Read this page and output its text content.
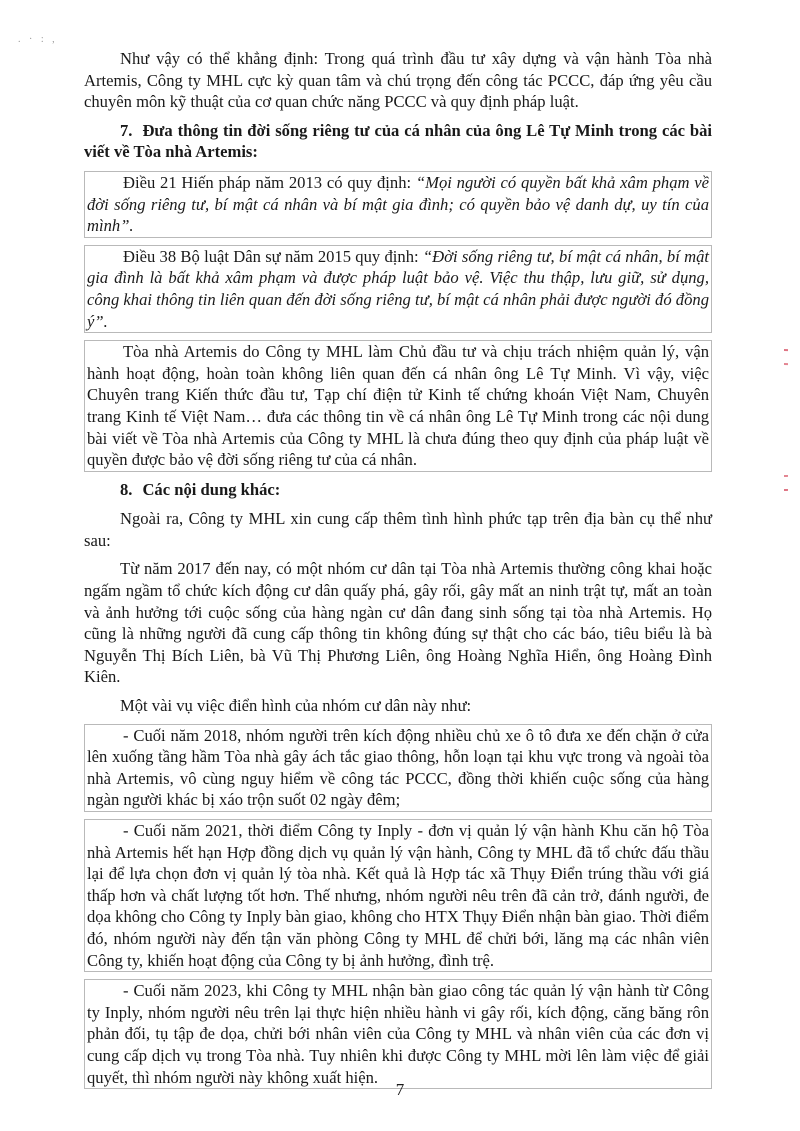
. · : ,

Như vậy có thể khẳng định: Trong quá trình đầu tư xây dựng và vận hành Tòa nhà Artemis, Công ty MHL cực kỳ quan tâm và chú trọng đến công tác PCCC, đáp ứng yêu cầu chuyên môn kỹ thuật của cơ quan chức năng PCCC và quy định pháp luật.

7. Đưa thông tin đời sống riêng tư của cá nhân của ông Lê Tự Minh trong các bài viết về Tòa nhà Artemis:

Điều 21 Hiến pháp năm 2013 có quy định: “Mọi người có quyền bất khả xâm phạm về đời sống riêng tư, bí mật cá nhân và bí mật gia đình; có quyền bảo vệ danh dự, uy tín của mình”.

Điều 38 Bộ luật Dân sự năm 2015 quy định: “Đời sống riêng tư, bí mật cá nhân, bí mật gia đình là bất khả xâm phạm và được pháp luật bảo vệ. Việc thu thập, lưu giữ, sử dụng, công khai thông tin liên quan đến đời sống riêng tư, bí mật cá nhân phải được người đó đồng ý”.

Tòa nhà Artemis do Công ty MHL làm Chủ đầu tư và chịu trách nhiệm quản lý, vận hành hoạt động, hoàn toàn không liên quan đến cá nhân ông Lê Tự Minh. Vì vậy, việc Chuyên trang Kiến thức đầu tư, Tạp chí điện tử Kinh tế chứng khoán Việt Nam, Chuyên trang Kinh tế Việt Nam… đưa các thông tin về cá nhân ông Lê Tự Minh trong các nội dung bài viết về Tòa nhà Artemis của Công ty MHL là chưa đúng theo quy định của pháp luật về quyền được bảo vệ đời sống riêng tư của cá nhân.

8. Các nội dung khác:

Ngoài ra, Công ty MHL xin cung cấp thêm tình hình phức tạp trên địa bàn cụ thể như sau:

Từ năm 2017 đến nay, có một nhóm cư dân tại Tòa nhà Artemis thường công khai hoặc ngấm ngầm tổ chức kích động cư dân quấy phá, gây rối, gây mất an ninh trật tự, mất an toàn và ảnh hưởng tới cuộc sống của hàng ngàn cư dân đang sinh sống tại tòa nhà Artemis. Họ cũng là những người đã cung cấp thông tin không đúng sự thật cho các báo, tiêu biểu là bà Nguyễn Thị Bích Liên, bà Vũ Thị Phương Liên, ông Hoàng Nghĩa Hiển, ông Hoàng Đình Kiên.

Một vài vụ việc điển hình của nhóm cư dân này như:

- Cuối năm 2018, nhóm người trên kích động nhiều chủ xe ô tô đưa xe đến chặn ở cửa lên xuống tầng hầm Tòa nhà gây ách tắc giao thông, hỗn loạn tại khu vực trong và ngoài tòa nhà Artemis, vô cùng nguy hiểm về công tác PCCC, đồng thời khiến cuộc sống của hàng ngàn người khác bị xáo trộn suốt 02 ngày đêm;

- Cuối năm 2021, thời điểm Công ty Inply - đơn vị quản lý vận hành Khu căn hộ Tòa nhà Artemis hết hạn Hợp đồng dịch vụ quản lý vận hành, Công ty MHL đã tổ chức đấu thầu lại để lựa chọn đơn vị quản lý tòa nhà. Kết quả là Hợp tác xã Thụy Điển trúng thầu với giá thấp hơn và chất lượng tốt hơn. Thế nhưng, nhóm người nêu trên đã cản trở, đánh người, đe dọa không cho Công ty Inply bàn giao, không cho HTX Thụy Điển nhận bàn giao. Thời điểm đó, nhóm người này đến tận văn phòng Công ty MHL để chửi bới, lăng mạ các nhân viên Công ty, khiến hoạt động của Công ty bị ảnh hưởng, đình trệ.

- Cuối năm 2023, khi Công ty MHL nhận bàn giao công tác quản lý vận hành từ Công ty Inply, nhóm người nêu trên lại thực hiện nhiều hành vi gây rối, kích động, căng băng rôn phản đối, tụ tập đe dọa, chửi bới nhân viên của Công ty MHL và nhân viên của các đơn vị cung cấp dịch vụ trong Tòa nhà. Tuy nhiên khi được Công ty MHL mời lên làm việc để giải quyết, thì nhóm người này không xuất hiện.

7
